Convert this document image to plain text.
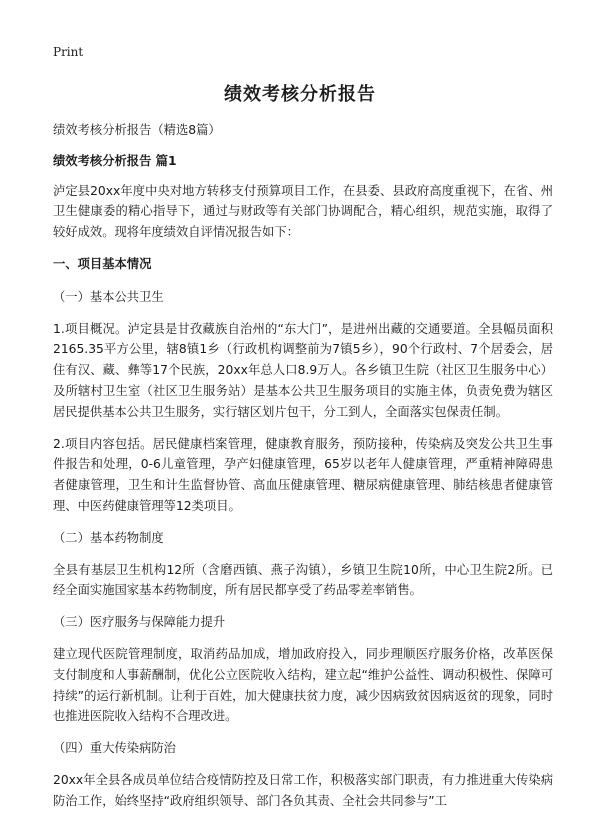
Print
绩效考核分析报告

绩效考核分析报告（精选8篇）

绩效考核分析报告 篇1

泸定县20xx年度中央对地方转移支付预算项目工作，在县委、县政府高度重视下，在省、州卫生健康委的精心指导下，通过与财政等有关部门协调配合，精心组织，规范实施，取得了较好成效。现将年度绩效自评情况报告如下：

一、项目基本情况

（一）基本公共卫生

1.项目概况。泸定县是甘孜藏族自治州的“东大门”，是进州出藏的交通要道。全县幅员面积2165.35平方公里，辖8镇1乡（行政机构调整前为7镇5乡），90个行政村、7个居委会，居住有汉、藏、彝等17个民族，20xx年总人口8.9万人。各乡镇卫生院（社区卫生服务中心）及所辖村卫生室（社区卫生服务站）是基本公共卫生服务项目的实施主体，负责免费为辖区居民提供基本公共卫生服务，实行辖区划片包干，分工到人，全面落实包保责任制。

2.项目内容包括。居民健康档案管理，健康教育服务，预防接种，传染病及突发公共卫生事件报告和处理，0-6儿童管理，孕产妇健康管理，65岁以老年人健康管理，严重精神障碍患者健康管理，卫生和计生监督协管、高血压健康管理、糖尿病健康管理、肺结核患者健康管理、中医药健康管理等12类项目。

（二）基本药物制度

全县有基层卫生机构12所（含磨西镇、燕子沟镇），乡镇卫生院10所，中心卫生院2所。已经全面实施国家基本药物制度，所有居民都享受了药品零差率销售。

（三）医疗服务与保障能力提升

建立现代医院管理制度，取消药品加成，增加政府投入，同步理顺医疗服务价格，改革医保支付制度和人事薪酬制，优化公立医院收入结构，建立起“维护公益性、调动积极性、保障可持续”的运行新机制。让利于百姓，加大健康扶贫力度，减少因病致贫因病返贫的现象，同时也推进医院收入结构不合理改进。

（四）重大传染病防治

20xx年全县各成员单位结合疫情防控及日常工作，积极落实部门职责，有力推进重大传染病防治工作，始终坚持“政府组织领导、部门各负其责、全社会共同参与”工
